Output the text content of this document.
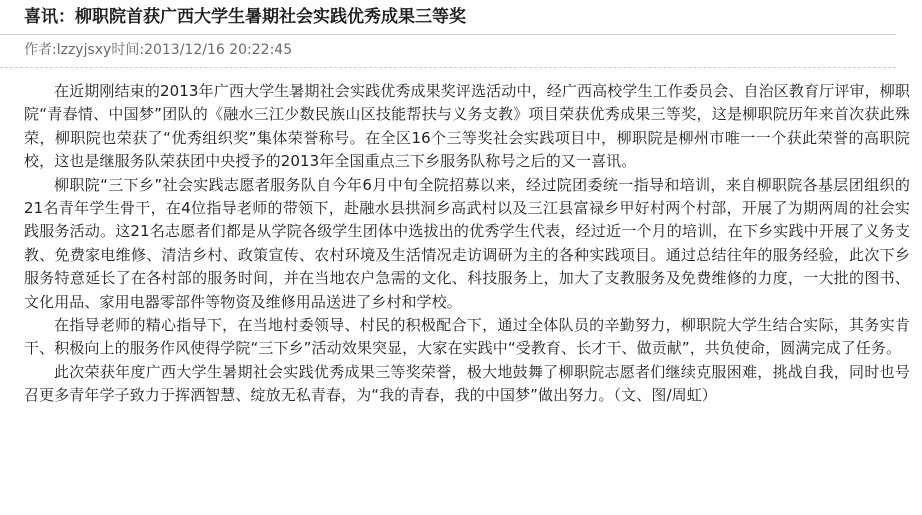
喜讯：柳职院首获广西大学生暑期社会实践优秀成果三等奖
作者:lzzyjsxy时间:2013/12/16 20:22:45

在近期刚结束的2013年广西大学生暑期社会实践优秀成果奖评选活动中，经广西高校学生工作委员会、自治区教育厅评审，柳职院“青春情、中国梦”团队的《融水三江少数民族山区技能帮扶与义务支教》项目荣获优秀成果三等奖，这是柳职院历年来首次获此殊荣，柳职院也荣获了“优秀组织奖”集体荣誉称号。在全区16个三等奖社会实践项目中，柳职院是柳州市唯一一个获此荣誉的高职院校，这也是继服务队荣获团中央授予的2013年全国重点三下乡服务队称号之后的又一喜讯。

柳职院“三下乡”社会实践志愿者服务队自今年6月中旬全院招募以来，经过院团委统一指导和培训，来自柳职院各基层团组织的21名青年学生骨干，在4位指导老师的带领下，赴融水县拱洞乡高武村以及三江县富禄乡甲好村两个村部，开展了为期两周的社会实践服务活动。这21名志愿者们都是从学院各级学生团体中选拔出的优秀学生代表，经过近一个月的培训，在下乡实践中开展了义务支教、免费家电维修、清洁乡村、政策宣传、农村环境及生活情况走访调研为主的各种实践项目。通过总结往年的服务经验，此次下乡服务特意延长了在各村部的服务时间，并在当地农户急需的文化、科技服务上，加大了支教服务及免费维修的力度，一大批的图书、文化用品、家用电器零部件等物资及维修用品送进了乡村和学校。

在指导老师的精心指导下，在当地村委领导、村民的积极配合下，通过全体队员的辛勤努力，柳职院大学生结合实际，其务实肯干、积极向上的服务作风使得学院“三下乡”活动效果突显，大家在实践中“受教育、长才干、做贡献”，共负使命，圆满完成了任务。

此次荣获年度广西大学生暑期社会实践优秀成果三等奖荣誉，极大地鼓舞了柳职院志愿者们继续克服困难，挑战自我，同时也号召更多青年学子致力于挥洒智慧、绽放无私青春，为“我的青春，我的中国梦”做出努力。（文、图/周虹）
